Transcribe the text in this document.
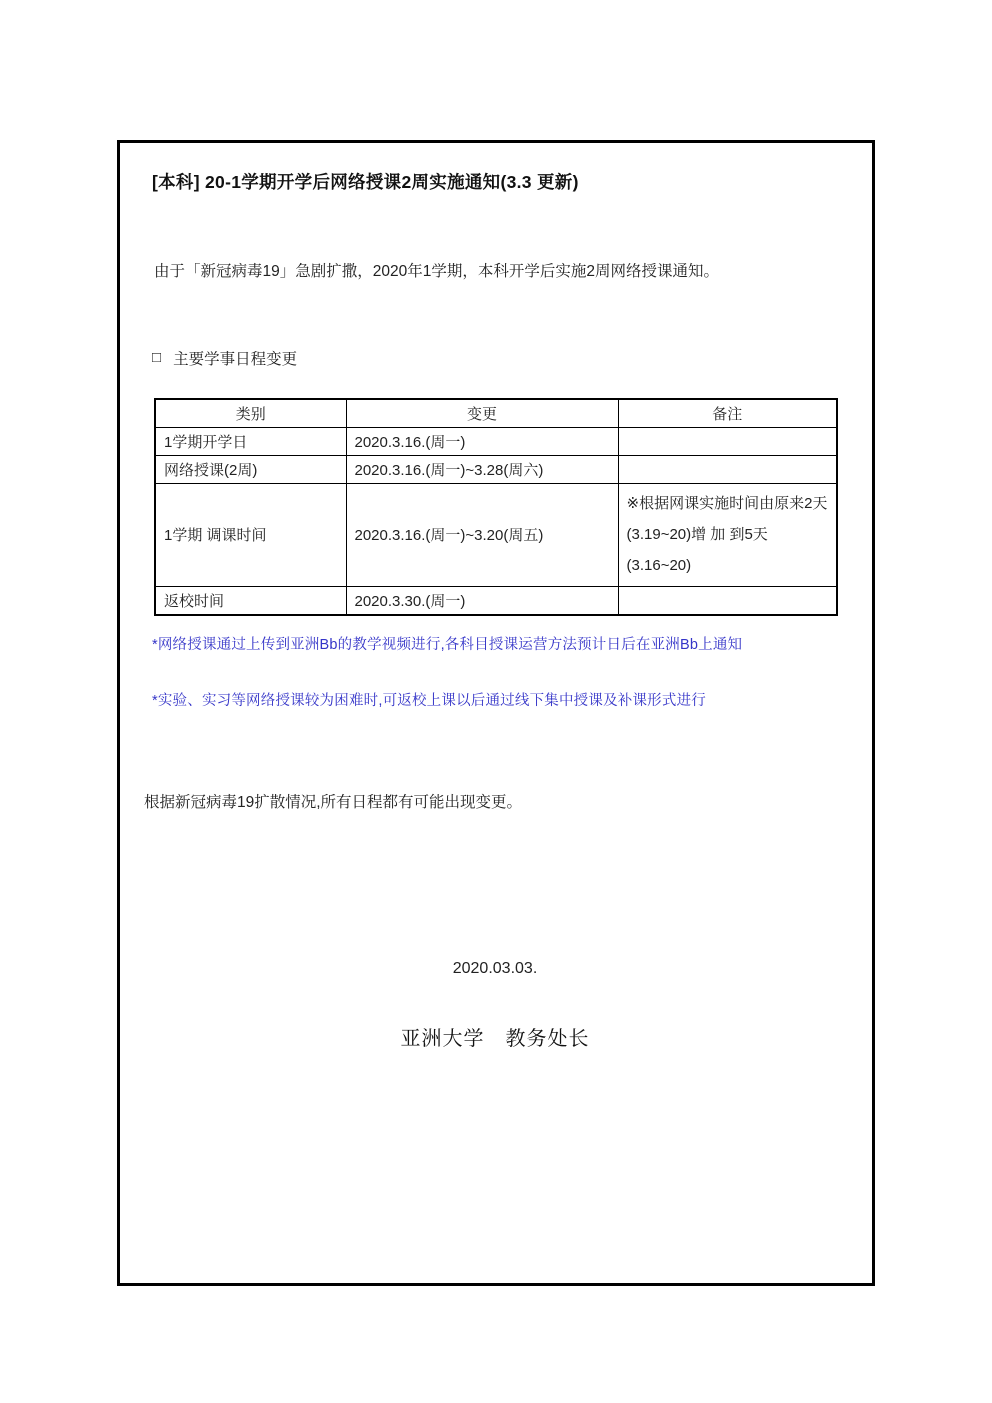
[本科] 20-1学期开学后网络授课2周实施通知(3.3 更新)

由于「新冠病毒19」急剧扩撒，2020年1学期，本科开学后实施2周网络授课通知。

□ 主要学事日程变更
类别	变更	备注
1学期开学日	2020.3.16.(周一)	
网络授课(2周)	2020.3.16.(周一)~3.28(周六)	
1学期 调课时间	2020.3.16.(周一)~3.20(周五)	※根据网课实施时间由原来2天(3.19~20)增 加 到5天(3.16~20)
返校时间	2020.3.30.(周一)	

*网络授课通过上传到亚洲Bb的教学视频进行,各科目授课运营方法预计日后在亚洲Bb上通知

*实验、实习等网络授课较为困难时,可返校上课以后通过线下集中授课及补课形式进行

根据新冠病毒19扩散情况,所有日程都有可能出现变更。

2020.03.03.
亚洲大学　教务处长
